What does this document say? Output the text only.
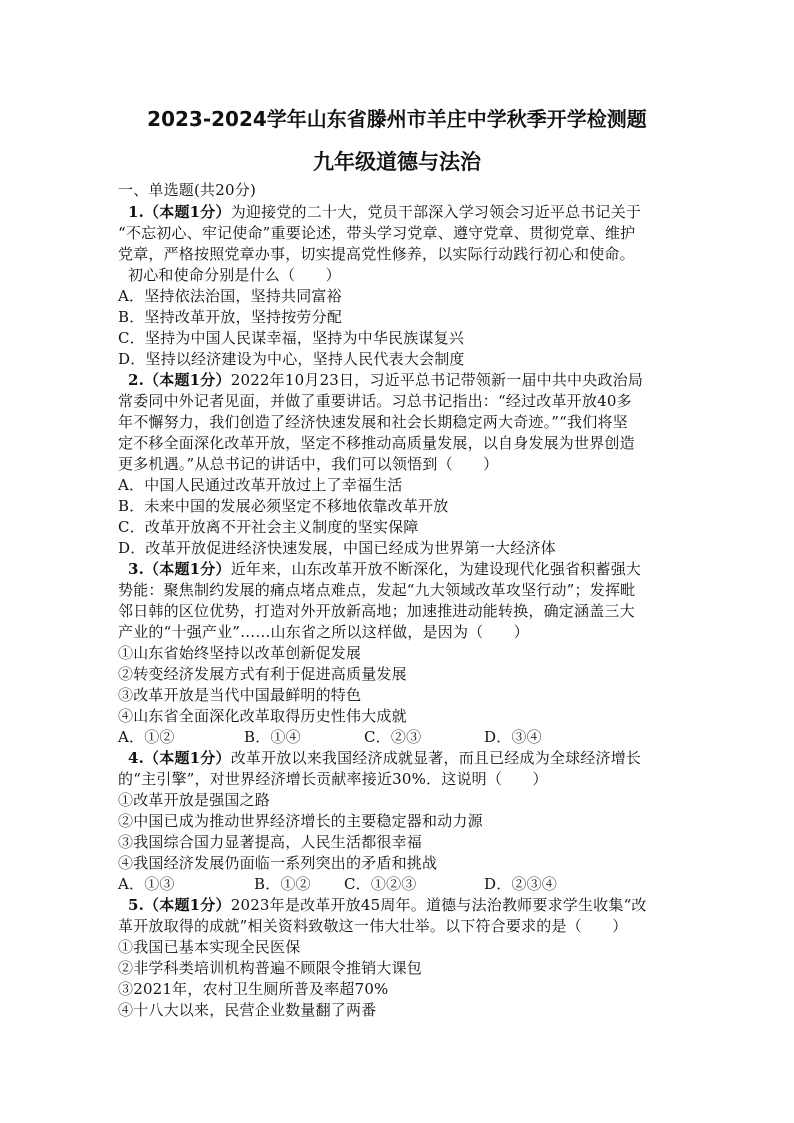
2023-2024学年山东省滕州市羊庄中学秋季开学检测题
九年级道德与法治
一、单选题(共20分)
1.（本题1分）为迎接党的二十大，党员干部深入学习领会习近平总书记关于
“不忘初心、牢记使命”重要论述，带头学习党章、遵守党章、贯彻党章、维护
党章，严格按照党章办事，切实提高党性修养，以实际行动践行初心和使命。
初心和使命分别是什么（　　）
A．坚持依法治国，坚持共同富裕
B．坚持改革开放，坚持按劳分配
C．坚持为中国人民谋幸福，坚持为中华民族谋复兴
D．坚持以经济建设为中心，坚持人民代表大会制度
2.（本题1分）2022年10月23日，习近平总书记带领新一届中共中央政治局
常委同中外记者见面，并做了重要讲话。习总书记指出：“经过改革开放40多
年不懈努力，我们创造了经济快速发展和社会长期稳定两大奇迹。”“我们将坚
定不移全面深化改革开放，坚定不移推动高质量发展，以自身发展为世界创造
更多机遇。”从总书记的讲话中，我们可以领悟到（　　）
A．中国人民通过改革开放过上了幸福生活
B．未来中国的发展必须坚定不移地依靠改革开放
C．改革开放离不开社会主义制度的坚实保障
D．改革开放促进经济快速发展，中国已经成为世界第一大经济体
3.（本题1分）近年来，山东改革开放不断深化，为建设现代化强省积蓄强大
势能：聚焦制约发展的痛点堵点难点，发起“九大领域改革攻坚行动”；发挥毗
邻日韩的区位优势，打造对外开放新高地；加速推进动能转换，确定涵盖三大
产业的“十强产业”……山东省之所以这样做，是因为（　　）
①山东省始终坚持以改革创新促发展
②转变经济发展方式有利于促进高质量发展
③改革开放是当代中国最鲜明的特色
④山东省全面深化改革取得历史性伟大成就
A．①②	B．①④	C．②③	D．③④
4.（本题1分）改革开放以来我国经济成就显著，而且已经成为全球经济增长
的“主引擎”，对世界经济增长贡献率接近30%．这说明（　　）
①改革开放是强国之路
②中国已成为推动世界经济增长的主要稳定器和动力源
③我国综合国力显著提高，人民生活都很幸福
④我国经济发展仍面临一系列突出的矛盾和挑战
A．①③	B．①② C．①②③	D．②③④
5.（本题1分）2023年是改革开放45周年。道德与法治教师要求学生收集“改
革开放取得的成就”相关资料致敬这一伟大壮举。以下符合要求的是（　　）
①我国已基本实现全民医保
②非学科类培训机构普遍不顾限令推销大课包
③2021年，农村卫生厕所普及率超70%
④十八大以来，民营企业数量翻了两番
